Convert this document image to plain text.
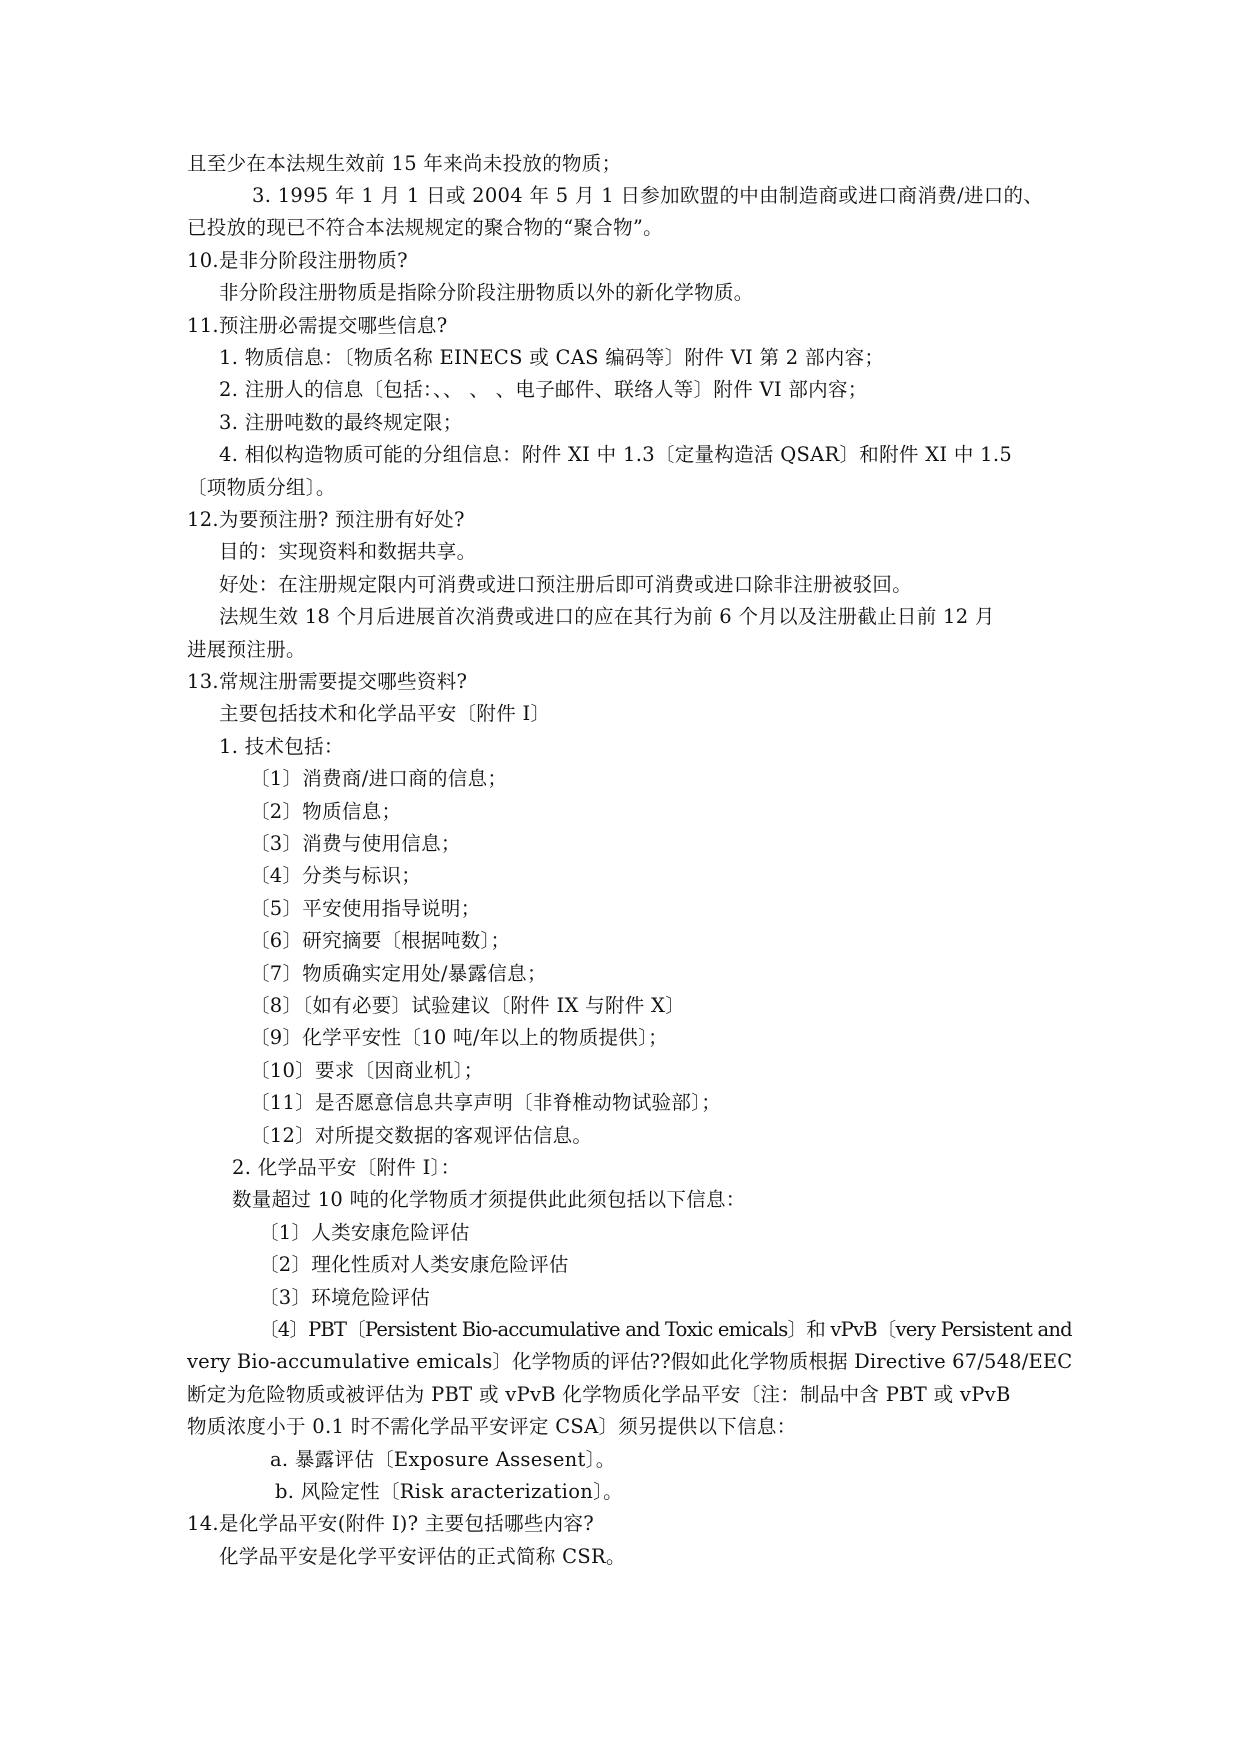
且至少在本法规生效前 15 年来尚未投放的物质；
3. 1995 年 1 月 1 日或 2004 年 5 月 1 日参加欧盟的中由制造商或进口商消费/进口的、
已投放的现已不符合本法规规定的聚合物的“聚合物”。
10.是非分阶段注册物质?
非分阶段注册物质是指除分阶段注册物质以外的新化学物质。
11.预注册必需提交哪些信息?
1. 物质信息：〔物质名称 EINECS 或 CAS 编码等〕附件 VI 第 2 部内容；
2. 注册人的信息〔包括：、、 、 、电子邮件、联络人等〕附件 VI 部内容；
3. 注册吨数的最终规定限；
4. 相似构造物质可能的分组信息：附件 XI 中 1.3〔定量构造活 QSAR〕和附件 XI 中 1.5
〔项物质分组〕。
12.为要预注册? 预注册有好处?
目的：实现资料和数据共享。
好处：在注册规定限内可消费或进口预注册后即可消费或进口除非注册被驳回。
法规生效 18 个月后进展首次消费或进口的应在其行为前 6 个月以及注册截止日前 12 月
进展预注册。
13.常规注册需要提交哪些资料?
主要包括技术和化学品平安〔附件 I〕
1. 技术包括：
〔1〕消费商/进口商的信息；
〔2〕物质信息；
〔3〕消费与使用信息；
〔4〕分类与标识；
〔5〕平安使用指导说明；
〔6〕研究摘要〔根据吨数〕；
〔7〕物质确实定用处/暴露信息；
〔8〕〔如有必要〕试验建议〔附件 IX 与附件 X〕
〔9〕化学平安性〔10 吨/年以上的物质提供〕；
〔10〕要求〔因商业机〕；
〔11〕是否愿意信息共享声明〔非脊椎动物试验部〕；
〔12〕对所提交数据的客观评估信息。
2. 化学品平安〔附件 I〕：
数量超过 10 吨的化学物质才须提供此此须包括以下信息：
〔1〕人类安康危险评估
〔2〕理化性质对人类安康危险评估
〔3〕环境危险评估
〔4〕PBT〔Persistent Bio-accumulative and Toxic emicals〕和 vPvB〔very Persistent and
very Bio-accumulative emicals〕化学物质的评估??假如此化学物质根据 Directive 67/548/EEC
断定为危险物质或被评估为 PBT 或 vPvB 化学物质化学品平安〔注：制品中含 PBT 或 vPvB
物质浓度小于 0.1 时不需化学品平安评定 CSA〕须另提供以下信息：
a. 暴露评估〔Exposure Assesent〕。
b. 风险定性〔Risk aracterization〕。
14.是化学品平安(附件 I)? 主要包括哪些内容?
化学品平安是化学平安评估的正式简称 CSR。
